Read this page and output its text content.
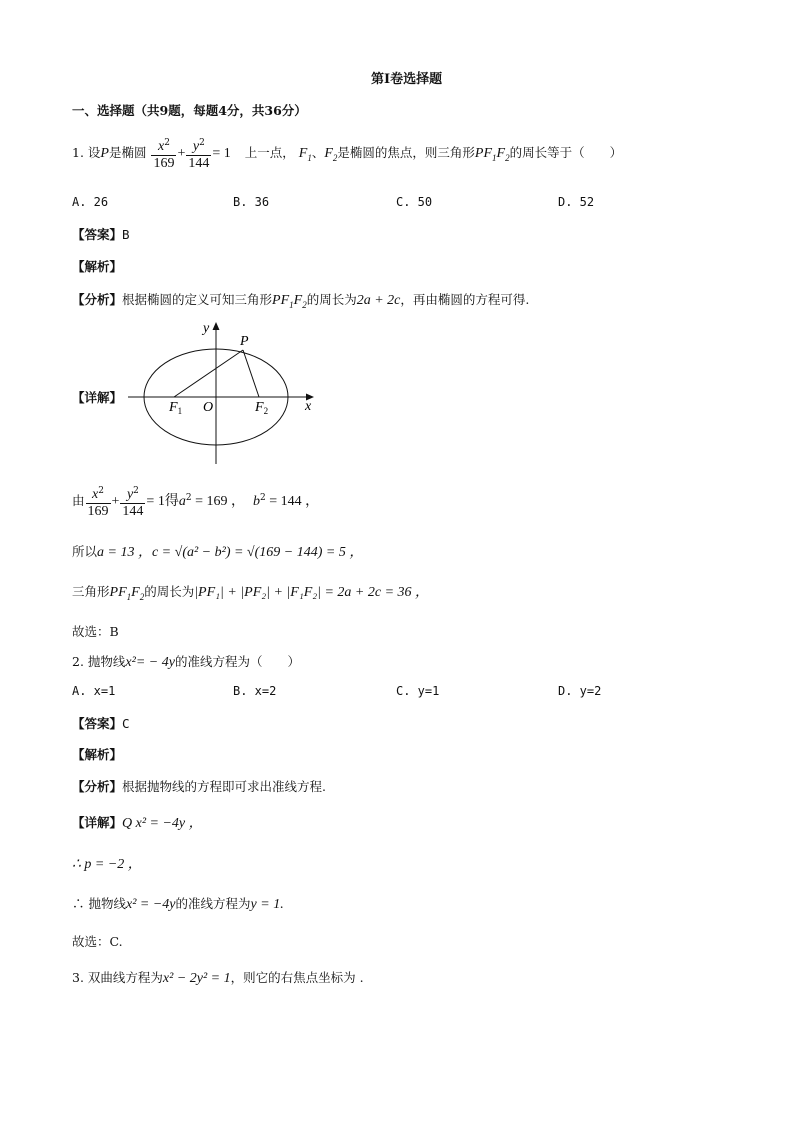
第Ⅰ卷选择题
一、选择题（共9题，每题4分，共36分）
1. 设P是椭圆 $\frac{x^2}{169} + \frac{y^2}{144} = 1$ 上一点， $F_1$、$F_2$是椭圆的焦点，则三角形$PF_1F_2$的周长等于（　　）
A. 26	B. 36	C. 50	D. 52
【答案】B
【解析】
【分析】根据椭圆的定义可知三角形$PF_1F_2$的周长为2a + 2c，再由椭圆的方程可得.
【详解】
y
x
P
O
$F_1$	$F_2$
由 $\frac{x^2}{169} + \frac{y^2}{144} = 1$得$a^2 = 169$ ， $b^2 = 144$ ，
所以a = 13 ，c = √(a² − b²) = √(169 − 144) = 5 ，
三角形$PF_1F_2$的周长为|PF₁| + |PF₂| + |F₁F₂| = 2a + 2c = 36 ，
故选：B
2. 抛物线x²= − 4y的准线方程为（　　）
A. x=1	B. x=2	C. y=1	D. y=2
【答案】C
【解析】
【分析】根据抛物线的方程即可求出准线方程.
【详解】Q x² = −4y ，
∴ p = −2 ，
∴ 抛物线x² = −4y的准线方程为y = 1.
故选：C.
3. 双曲线方程为x² − 2y² = 1，则它的右焦点坐标为 .
